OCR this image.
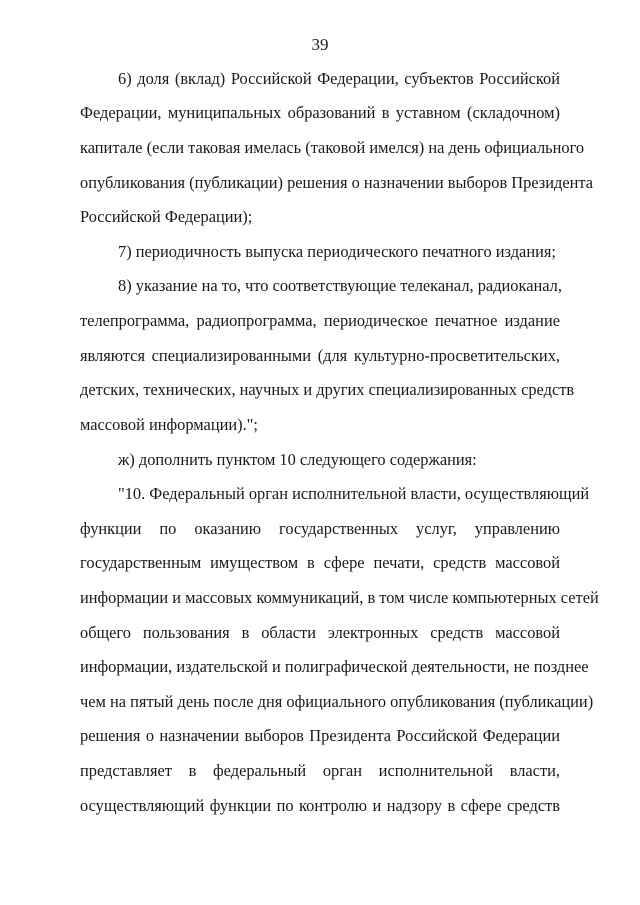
39
6) доля (вклад) Российской Федерации, субъектов Российской
Федерации, муниципальных образований в уставном (складочном)
капитале (если таковая имелась (таковой имелся) на день официального
опубликования (публикации) решения о назначении выборов Президента
Российской Федерации);
7) периодичность выпуска периодического печатного издания;
8) указание на то, что соответствующие телеканал, радиоканал,
телепрограмма, радиопрограмма, периодическое печатное издание
являются специализированными (для культурно-просветительских,
детских, технических, научных и других специализированных средств
массовой информации).";
ж) дополнить пунктом 10 следующего содержания:
"10. Федеральный орган исполнительной власти, осуществляющий
функции по оказанию государственных услуг, управлению
государственным имуществом в сфере печати, средств массовой
информации и массовых коммуникаций, в том числе компьютерных сетей
общего пользования в области электронных средств массовой
информации, издательской и полиграфической деятельности, не позднее
чем на пятый день после дня официального опубликования (публикации)
решения о назначении выборов Президента Российской Федерации
представляет в федеральный орган исполнительной власти,
осуществляющий функции по контролю и надзору в сфере средств
